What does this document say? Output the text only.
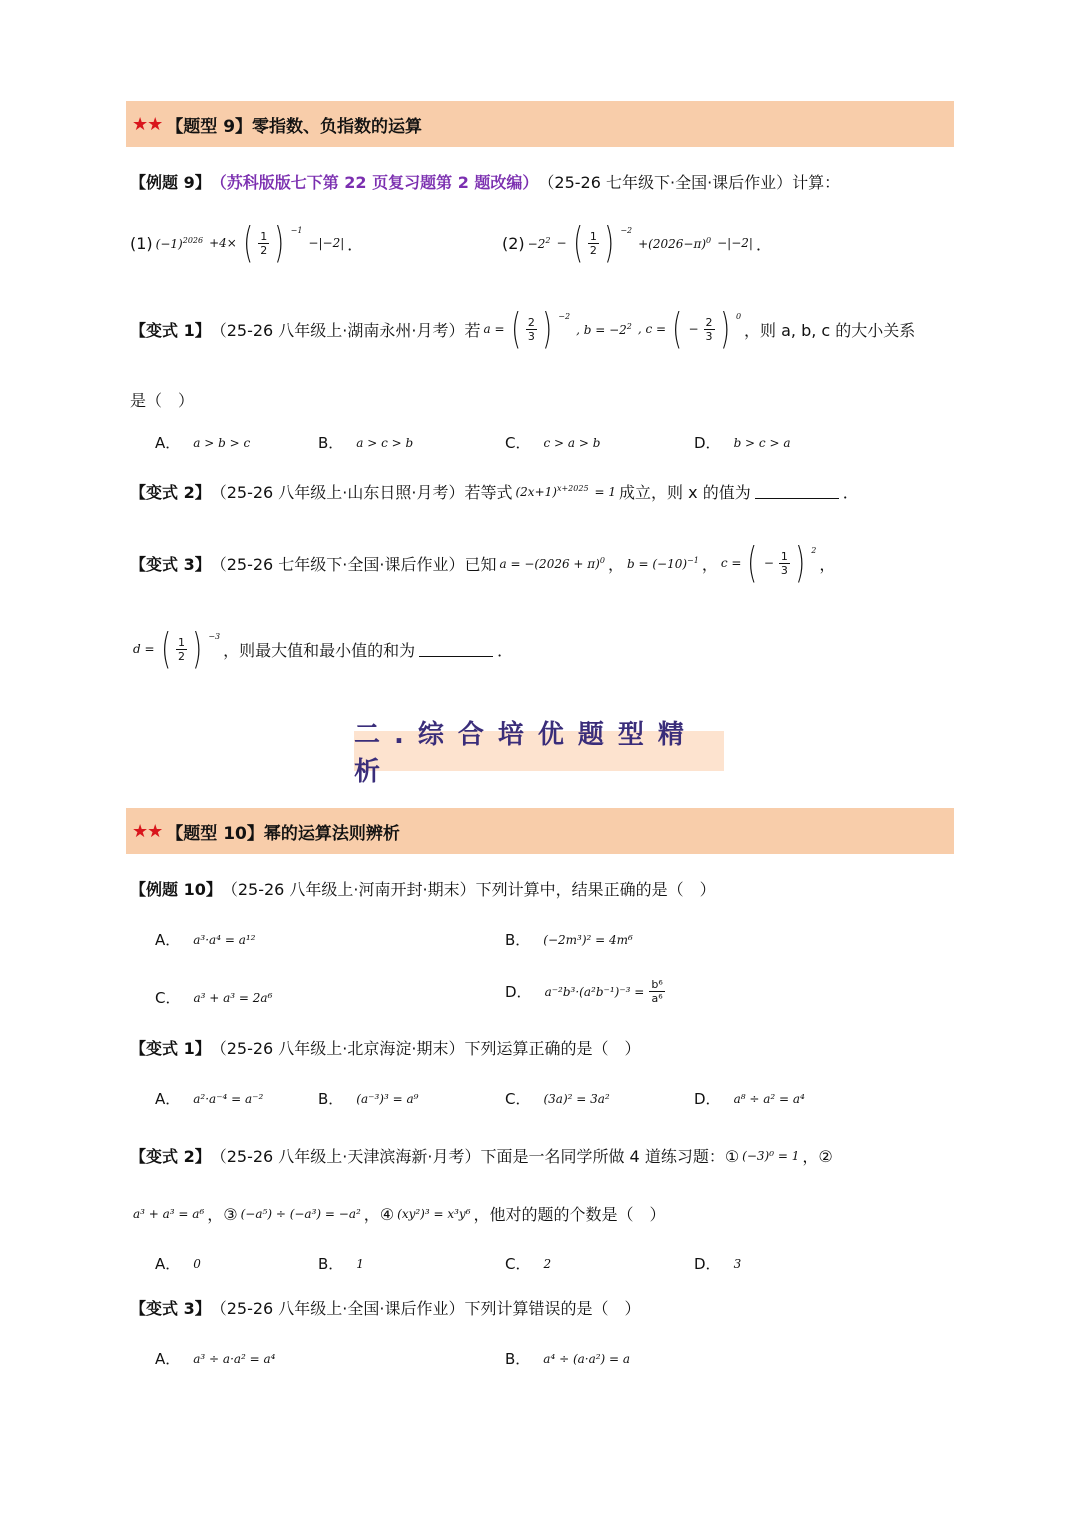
★★ 【题型 9】零指数、负指数的运算
【例题 9】 （苏科版版七下第 22 页复习题第 2 题改编） （25-26 七年级下·全国·课后作业）计算：
(1) $(-1)^{2026} +4\times$ ( $\frac{1}{2}$ ) $^{-1}$
−|−2| ．	$(2) -2^2$ − ( $\frac{1}{2}$ ) $^{-2}$
$+(2026-\pi)^0 -|-2|$ ．
【变式 1】 （25-26 八年级上·湖南永州·月考）若 a = ( $\frac{2}{3}$ ) $^{-2}$
, $b = -2^2$ , c = ( − $\frac{2}{3}$ ) $^0$
，则 a, b, c 的大小关系
是（　）
A． a > b > c	B． a > c > b	C． c > a > b	D． b > c > a
【变式 2】 （25-26 八年级上·山东日照·月考）若等式 $(2x+1)^{x+2025} = 1$ 成立，则 x 的值为	．
【变式 3】 （25-26 七年级下·全国·课后作业）已知 $a = -(2026 + \pi)^0$ ， $b = (-10)^{-1}$ ， c = ( − $\frac{1}{3}$ ) $^2$
，
d = ( $\frac{1}{2}$ ) $^{-3}$
，则最大值和最小值的和为	．
二.综合培优题型精析
★★ 【题型 10】幂的运算法则辨析
【例题 10】 （25-26 八年级上·河南开封·期末）下列计算中，结果正确的是（　）
A． a³·a⁴ = a¹²	B． (−2m³)² = 4m⁶
C． a³ + a³ = 2a⁶	D． $a^{-2}b^3\cdot(a^2b^{-1})^{-3} = \frac{\text{b⁶}}{\text{a⁶}}$
【变式 1】 （25-26 八年级上·北京海淀·期末）下列运算正确的是（　）
A． a²·a⁻⁴ = a⁻²	B． (a⁻³)³ = a⁹	C． (3a)² = 3a²	D． a⁸ ÷ a² = a⁴
【变式 2】 （25-26 八年级上·天津滨海新·月考）下面是一名同学所做 4 道练习题：① (−3)⁰ = 1 ，②
a³ + a³ = a⁶ ，③ (−a⁵) ÷ (−a³) = −a² ，④ (xy²)³ = x³y⁶ ，他对的题的个数是（　）
A． 0	B． 1	C． 2	D． 3
【变式 3】 （25-26 八年级上·全国·课后作业）下列计算错误的是（　）
A． a³ ÷ a·a² = a⁴	B． a⁴ ÷ (a·a²) = a
